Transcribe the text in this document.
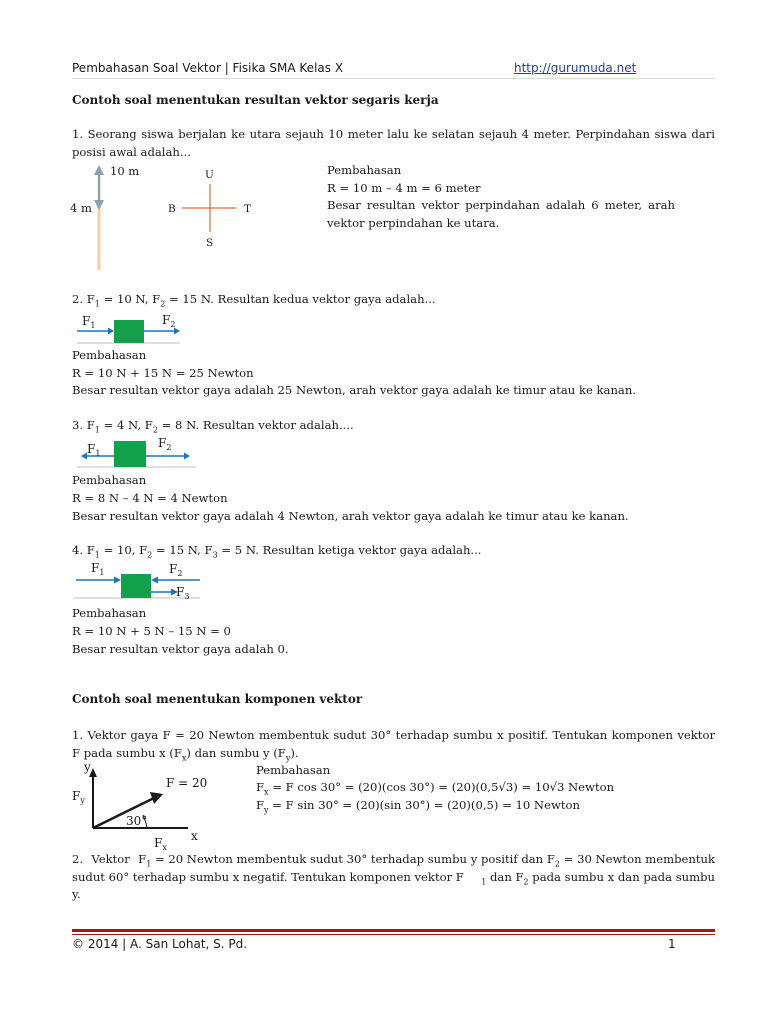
Pembahasan Soal Vektor | Fisika SMA Kelas X	http://gurumuda.net
Contoh soal menentukan resultan vektor segaris kerja
1. Seorang siswa berjalan ke utara sejauh 10 meter lalu ke selatan sejauh 4 meter. Perpindahan siswa dari
posisi awal adalah...
10 m
4 m
U
B	T
S
Pembahasan
R = 10 m – 4 m = 6 meter
Besar resultan vektor perpindahan adalah 6 meter, arah
vektor perpindahan ke utara.
2. $F_1 = 10$ N, $F_2 = 15$ N. Resultan kedua vektor gaya adalah...
$F_1$	$F_2$
Pembahasan
R = 10 N + 15 N = 25 Newton
Besar resultan vektor gaya adalah 25 Newton, arah vektor gaya adalah ke timur atau ke kanan.
3. $F_1 = 4$ N, $F_2 = 8$ N. Resultan vektor adalah....
$F_1$
$F_2$
Pembahasan
R = 8 N – 4 N = 4 Newton
Besar resultan vektor gaya adalah 4 Newton, arah vektor gaya adalah ke timur atau ke kanan.
4. $F_1 = 10$, $F_2 = 15$ N, $F_3 = 5$ N. Resultan ketiga vektor gaya adalah...
$F_1$	$F_2$
$F_3$
Pembahasan
R = 10 N + 5 N – 15 N = 0
Besar resultan vektor gaya adalah 0.
Contoh soal menentukan komponen vektor
1. Vektor gaya F = 20 Newton membentuk sudut 30° terhadap sumbu x positif. Tentukan komponen vektor
F pada sumbu x $(F_x)$ dan sumbu y $(F_y)$.
y
x
$F_y$
$F_x$
F = 20
30°
Pembahasan
$F_x = F$ cos 30° = (20)(cos 30°) = (20)(0,5√3) = 10√3 Newton
$F_y = F$ sin 30° = (20)(sin 30°) = (20)(0,5) = 10 Newton
2. Vektor $F_1 = 20$ Newton membentuk sudut 30° terhadap sumbu y positif dan $F_2 = 30$ Newton membentuk
sudut 60° terhadap sumbu x negatif. Tentukan komponen vektor F $_1$ dan $F_2$ pada sumbu x dan pada sumbu
y.
© 2014 | A. San Lohat, S. Pd.	1
